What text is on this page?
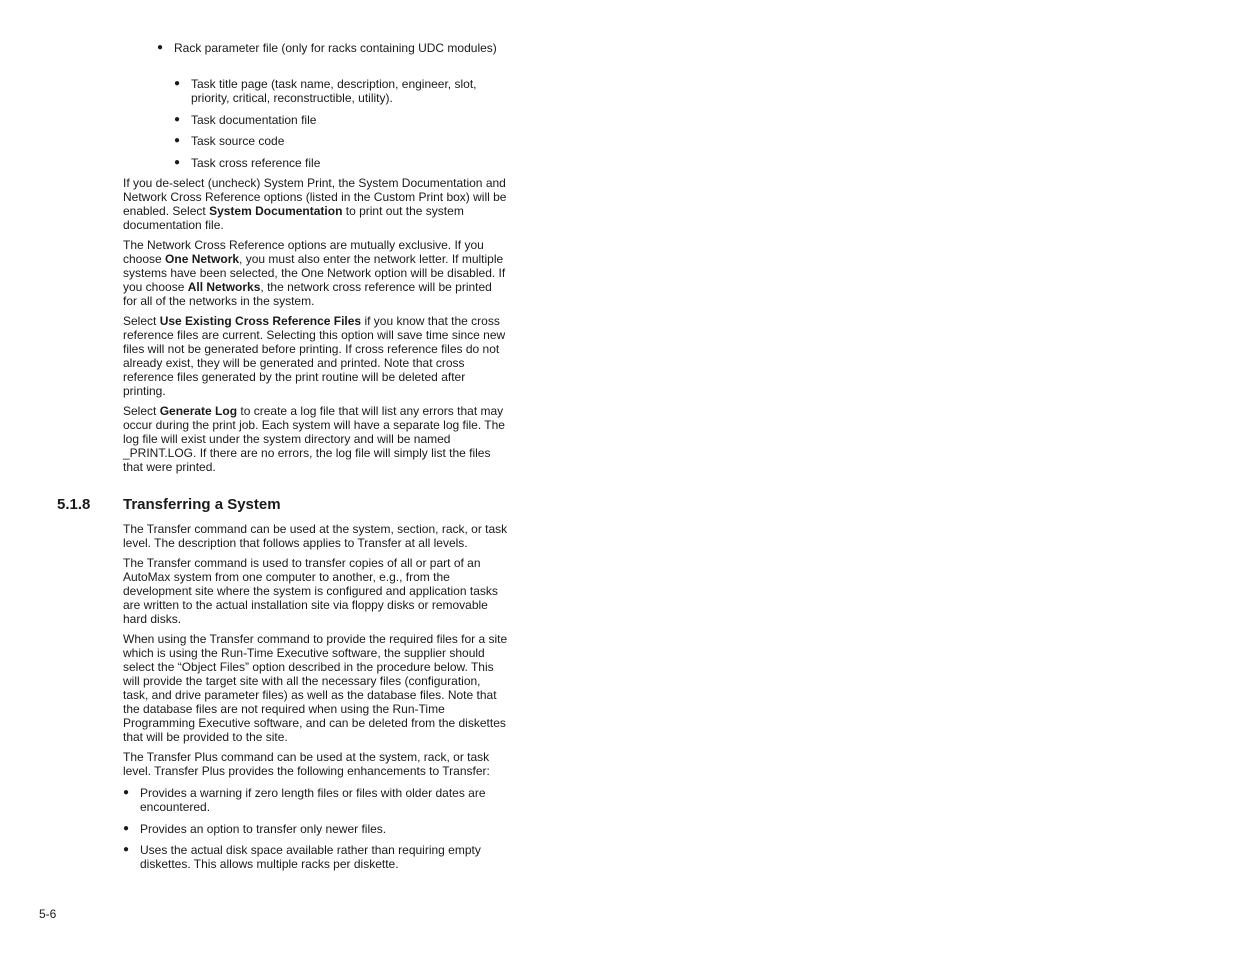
● Rack parameter file (only for racks containing UDC modules)
● Task title page (task name, description, engineer, slot, priority, critical, reconstructible, utility).
● Task documentation file
● Task source code
● Task cross reference file

If you de-select (uncheck) System Print, the System Documentation and Network Cross Reference options (listed in the Custom Print box) will be enabled. Select System Documentation to print out the system documentation file.

The Network Cross Reference options are mutually exclusive. If you choose One Network, you must also enter the network letter. If multiple systems have been selected, the One Network option will be disabled. If you choose All Networks, the network cross reference will be printed for all of the networks in the system.

Select Use Existing Cross Reference Files if you know that the cross reference files are current. Selecting this option will save time since new files will not be generated before printing. If cross reference files do not already exist, they will be generated and printed. Note that cross reference files generated by the print routine will be deleted after printing.

Select Generate Log to create a log file that will list any errors that may occur during the print job. Each system will have a separate log file. The log file will exist under the system directory and will be named _PRINT.LOG. If there are no errors, the log file will simply list the files that were printed.

5.1.8 Transferring a System

The Transfer command can be used at the system, section, rack, or task level. The description that follows applies to Transfer at all levels.

The Transfer command is used to transfer copies of all or part of an AutoMax system from one computer to another, e.g., from the development site where the system is configured and application tasks are written to the actual installation site via floppy disks or removable hard disks.

When using the Transfer command to provide the required files for a site which is using the Run-Time Executive software, the supplier should select the “Object Files” option described in the procedure below. This will provide the target site with all the necessary files (configuration, task, and drive parameter files) as well as the database files. Note that the database files are not required when using the Run-Time Programming Executive software, and can be deleted from the diskettes that will be provided to the site.

The Transfer Plus command can be used at the system, rack, or task level. Transfer Plus provides the following enhancements to Transfer:

● Provides a warning if zero length files or files with older dates are encountered.
● Provides an option to transfer only newer files.
● Uses the actual disk space available rather than requiring empty diskettes. This allows multiple racks per diskette.
5-6
